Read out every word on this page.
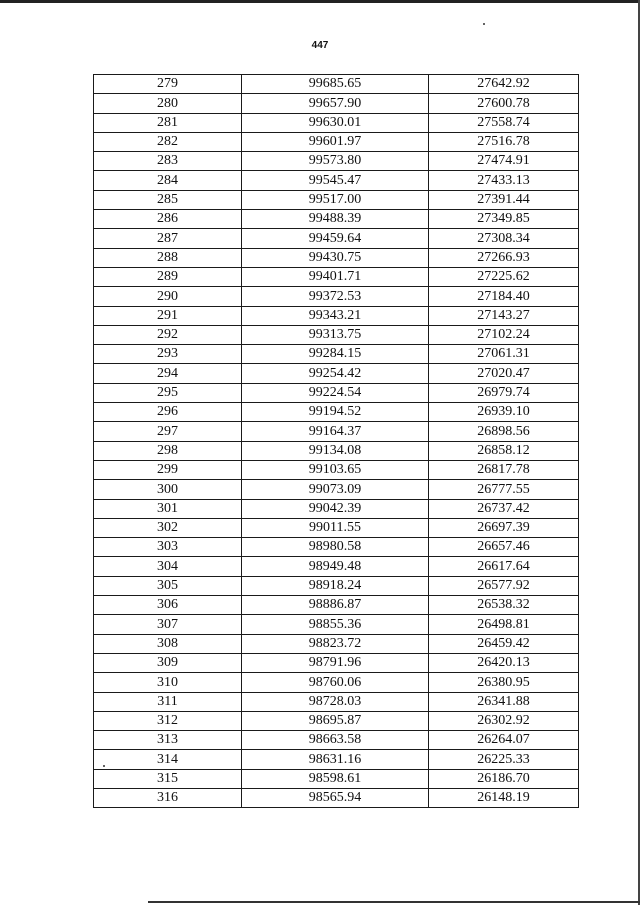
447
279	99685.65	27642.92
280	99657.90	27600.78
281	99630.01	27558.74
282	99601.97	27516.78
283	99573.80	27474.91
284	99545.47	27433.13
285	99517.00	27391.44
286	99488.39	27349.85
287	99459.64	27308.34
288	99430.75	27266.93
289	99401.71	27225.62
290	99372.53	27184.40
291	99343.21	27143.27
292	99313.75	27102.24
293	99284.15	27061.31
294	99254.42	27020.47
295	99224.54	26979.74
296	99194.52	26939.10
297	99164.37	26898.56
298	99134.08	26858.12
299	99103.65	26817.78
300	99073.09	26777.55
301	99042.39	26737.42
302	99011.55	26697.39
303	98980.58	26657.46
304	98949.48	26617.64
305	98918.24	26577.92
306	98886.87	26538.32
307	98855.36	26498.81
308	98823.72	26459.42
309	98791.96	26420.13
310	98760.06	26380.95
311	98728.03	26341.88
312	98695.87	26302.92
313	98663.58	26264.07
314	98631.16	26225.33
315	98598.61	26186.70
316	98565.94	26148.19
